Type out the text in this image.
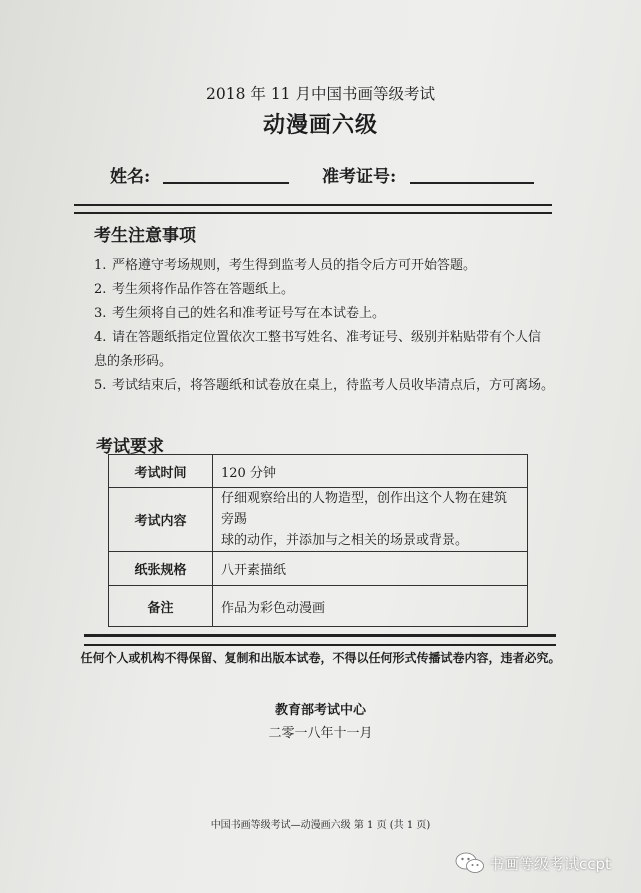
2018 年 11 月中国书画等级考试
动漫画六级
姓名:	准考证号:
考生注意事项
1. 严格遵守考场规则，考生得到监考人员的指令后方可开始答题。
2. 考生须将作品作答在答题纸上。
3. 考生须将自己的姓名和准考证号写在本试卷上。
4. 请在答题纸指定位置依次工整书写姓名、准考证号、级别并粘贴带有个人信
息的条形码。
5. 考试结束后，将答题纸和试卷放在桌上，待监考人员收毕清点后，方可离场。
考试要求
考试时间	120 分钟
考试内容	仔细观察给出的人物造型，创作出这个人物在建筑旁踢
球的动作，并添加与之相关的场景或背景。

纸张规格	八开素描纸
备注	作品为彩色动漫画
任何个人或机构不得保留、复制和出版本试卷，不得以任何形式传播试卷内容，违者必究。
教育部考试中心
二零一八年十一月
中国书画等级考试—动漫画六级 第 1 页 (共 1 页)
书画等级考试ccpt
